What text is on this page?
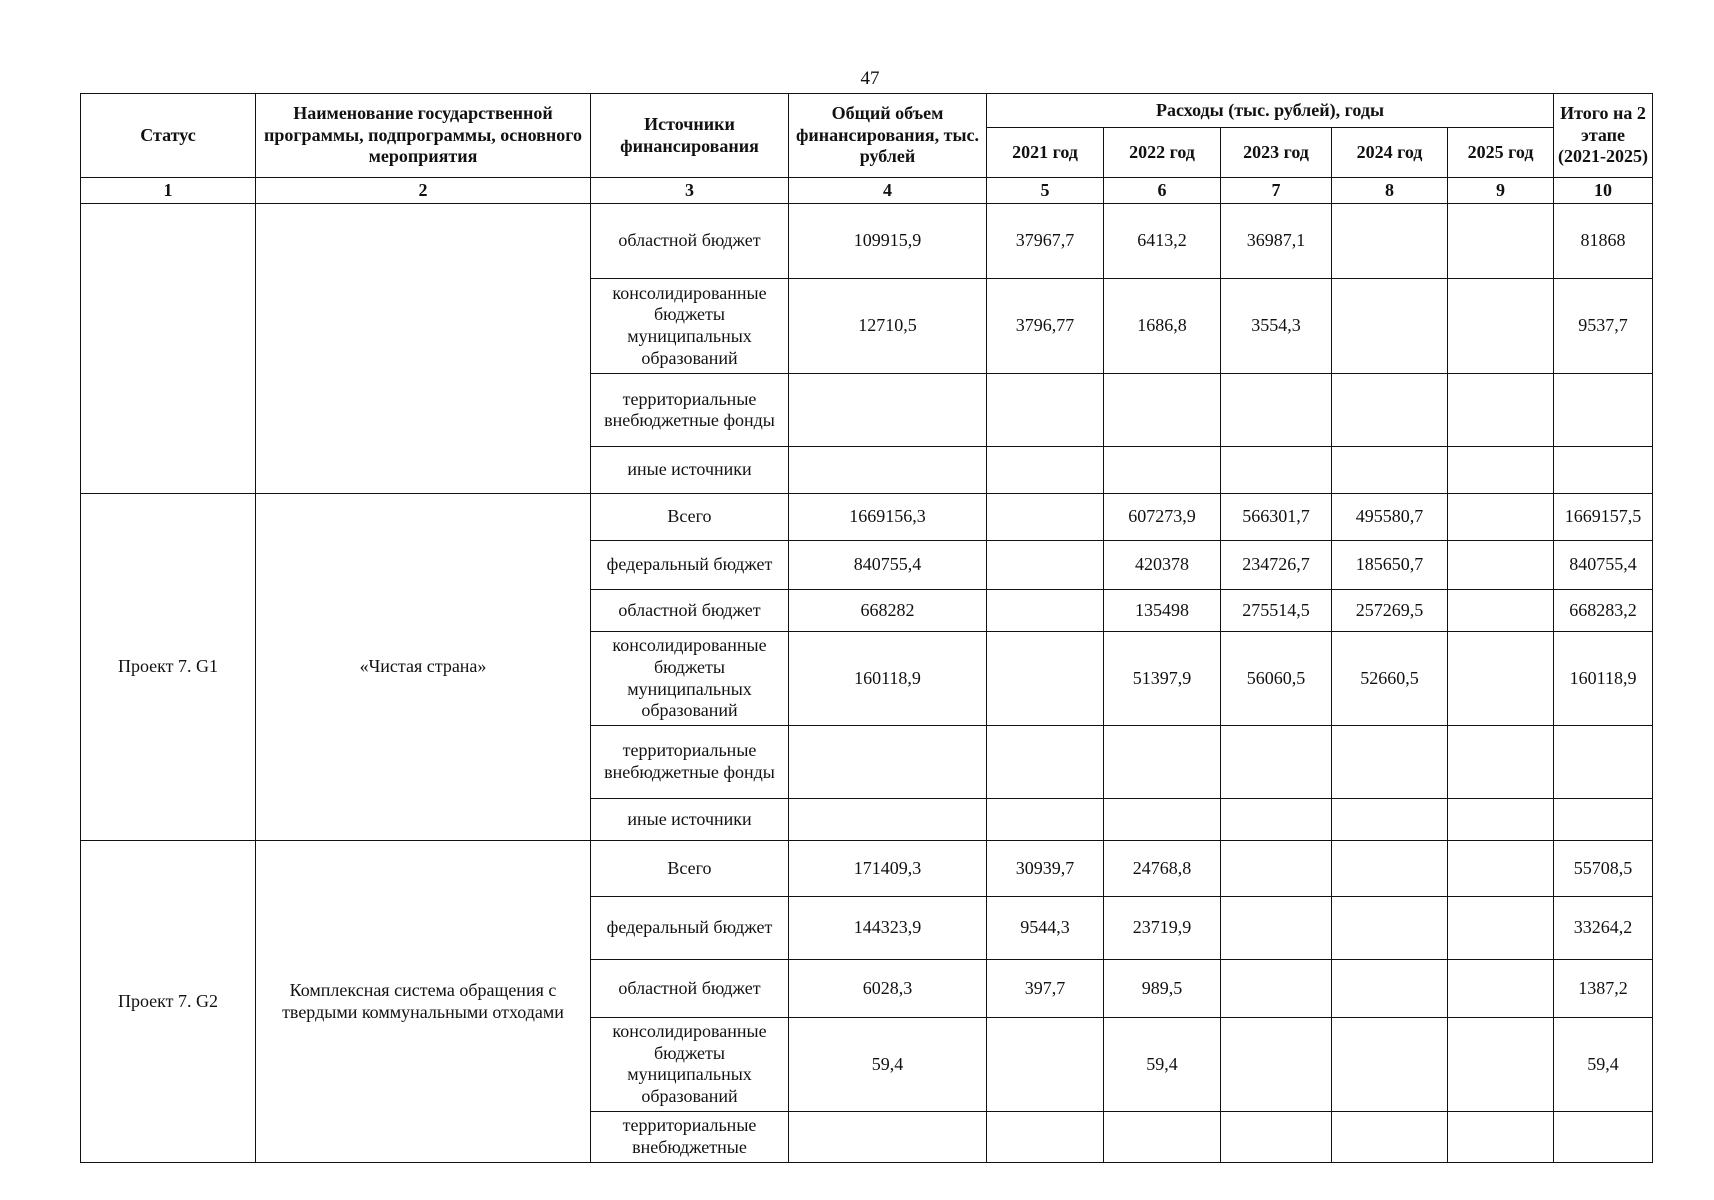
47
Статус	Наименование государственной программы, подпрограммы, основного мероприятия	Источники финансирования	Общий объем финансирования, тыс. рублей	Расходы (тыс. рублей), годы					Итого на 2 этапе (2021-2025)
				2021 год	2022 год	2023 год	2024 год	2025 год	
1	2	3	4	5	6	7	8	9	10
		областной бюджет	109915,9	37967,7	6413,2	36987,1			81868
		консолидированные бюджеты муниципальных образований	12710,5	3796,77	1686,8	3554,3			9537,7
		территориальные внебюджетные фонды							
		иные источники							
Проект 7. G1	«Чистая страна»	Всего	1669156,3		607273,9	566301,7	495580,7		1669157,5
		федеральный бюджет	840755,4		420378	234726,7	185650,7		840755,4
		областной бюджет	668282		135498	275514,5	257269,5		668283,2
		консолидированные бюджеты муниципальных образований	160118,9		51397,9	56060,5	52660,5		160118,9
		территориальные внебюджетные фонды							
		иные источники							
Проект 7. G2	Комплексная система обращения с твердыми коммунальными отходами	Всего	171409,3	30939,7	24768,8				55708,5
		федеральный бюджет	144323,9	9544,3	23719,9				33264,2
		областной бюджет	6028,3	397,7	989,5				1387,2
		консолидированные бюджеты муниципальных образований	59,4		59,4				59,4
		территориальные внебюджетные							
